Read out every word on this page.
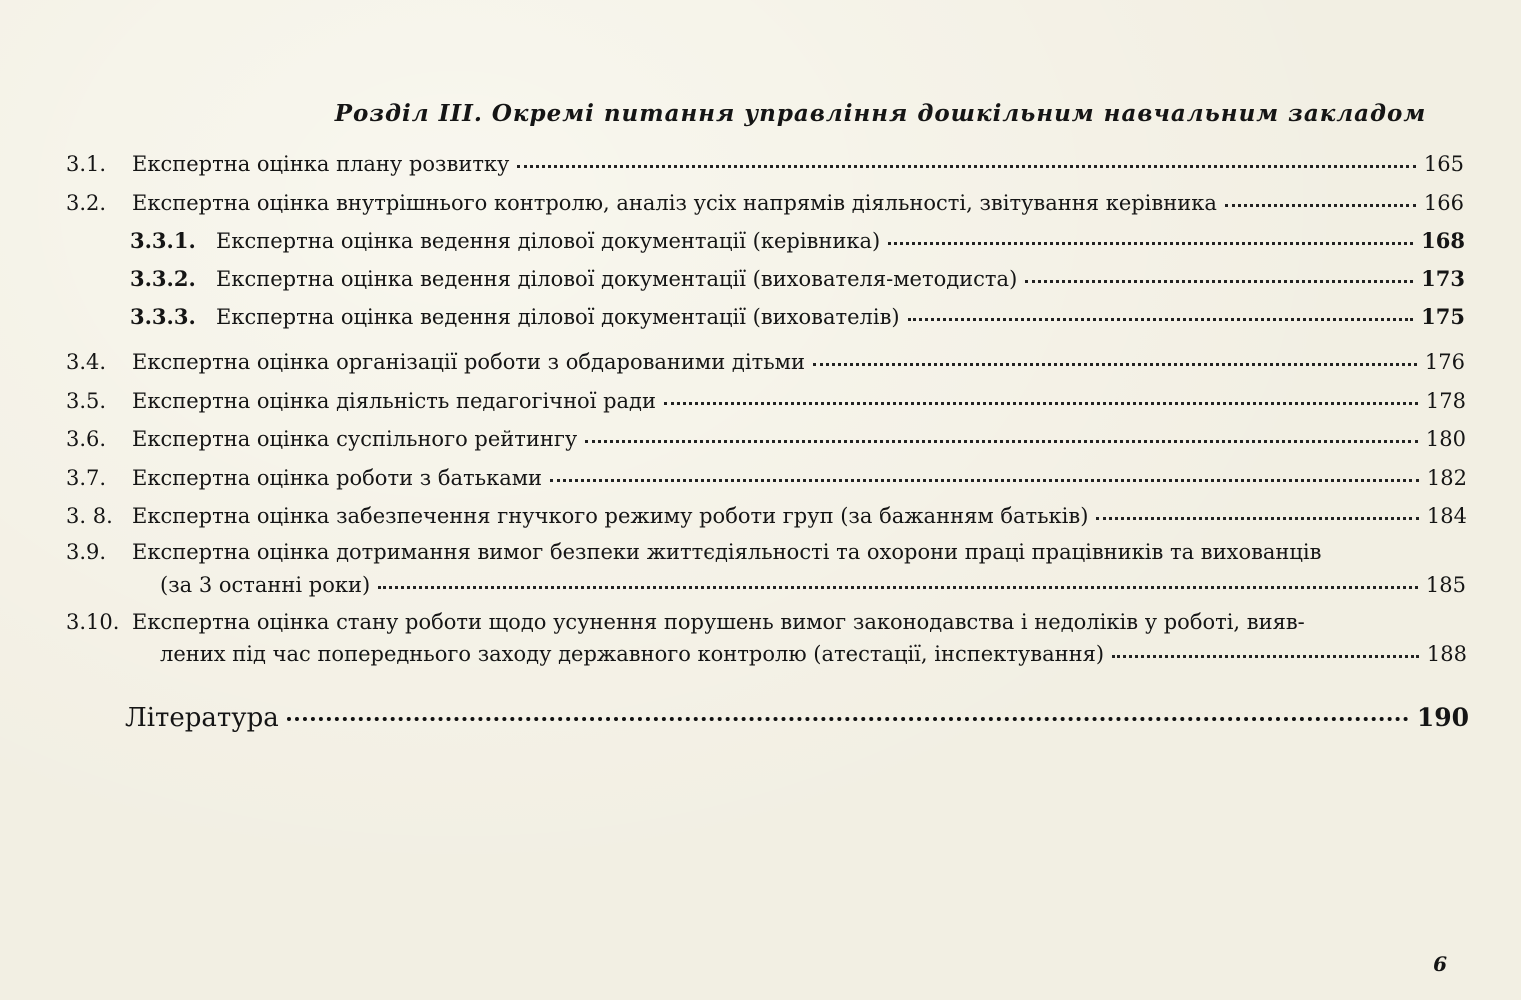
Розділ III. Окремі питання управління дошкільним навчальним закладом
3.1.	Експертна оцінка плану розвитку	165
3.2.	Експертна оцінка внутрішнього контролю, аналіз усіх напрямів діяльності, звітування керівника	166
3.3.1. Експертна оцінка ведення ділової документації (керівника)	168
3.3.2. Експертна оцінка ведення ділової документації (вихователя-методиста)	173
3.3.3. Експертна оцінка ведення ділової документації (вихователів)	175
3.4.	Експертна оцінка організації роботи з обдарованими дітьми	176
3.5.	Експертна оцінка діяльність педагогічної ради	178
3.6.	Експертна оцінка суспільного рейтингу	180
3.7.	Експертна оцінка роботи з батьками	182
3. 8. Експертна оцінка забезпечення гнучкого режиму роботи груп (за бажанням батьків)	184
3.9.	Експертна оцінка дотримання вимог безпеки життєдіяльності та охорони праці працівників та вихованців
(за 3 останні роки)	185
3.10. Експертна оцінка стану роботи щодо усунення порушень вимог законодавства і недоліків у роботі, вияв-
лених під час попереднього заходу державного контролю (атестації, інспектування)	188
Література	190
6
